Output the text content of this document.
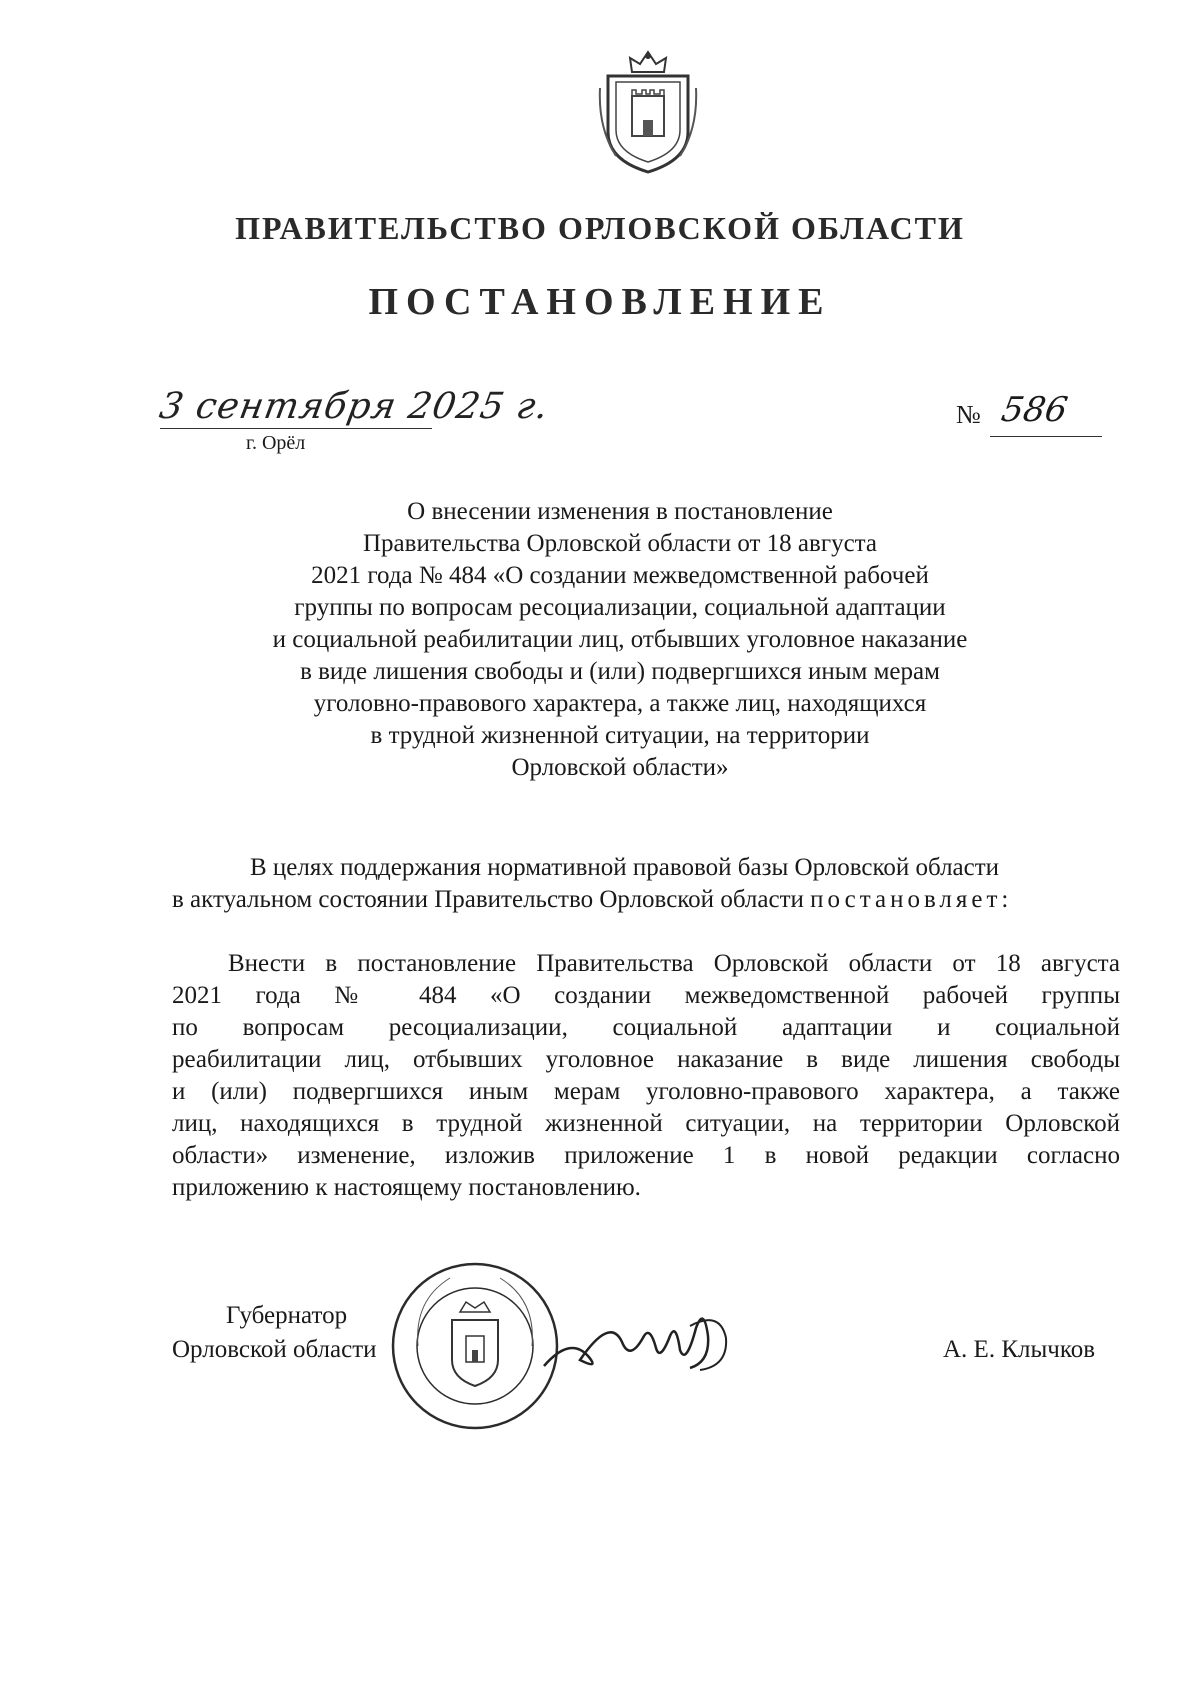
ПРАВИТЕЛЬСТВО ОРЛОВСКОЙ ОБЛАСТИ
ПОСТАНОВЛЕНИЕ
3 сентября 2025 г.
г. Орёл
№ 586
О внесении изменения в постановление
Правительства Орловской области от 18 августа
2021 года № 484 «О создании межведомственной рабочей
группы по вопросам ресоциализации, социальной адаптации
и социальной реабилитации лиц, отбывших уголовное наказание
в виде лишения свободы и (или) подвергшихся иным мерам
уголовно-правового характера, а также лиц, находящихся
в трудной жизненной ситуации, на территории
Орловской области»
В целях поддержания нормативной правовой базы Орловской области
в актуальном состоянии Правительство Орловской области постановляет:
Внести в постановление Правительства Орловской области от 18 августа
2021 года № 484 «О создании межведомственной рабочей группы
по вопросам ресоциализации, социальной адаптации и социальной
реабилитации лиц, отбывших уголовное наказание в виде лишения свободы
и (или) подвергшихся иным мерам уголовно-правового характера, а также
лиц, находящихся в трудной жизненной ситуации, на территории Орловской
области» изменение, изложив приложение 1 в новой редакции согласно
приложению к настоящему постановлению.
Губернатор
Орловской области	А. Е. Клычков
